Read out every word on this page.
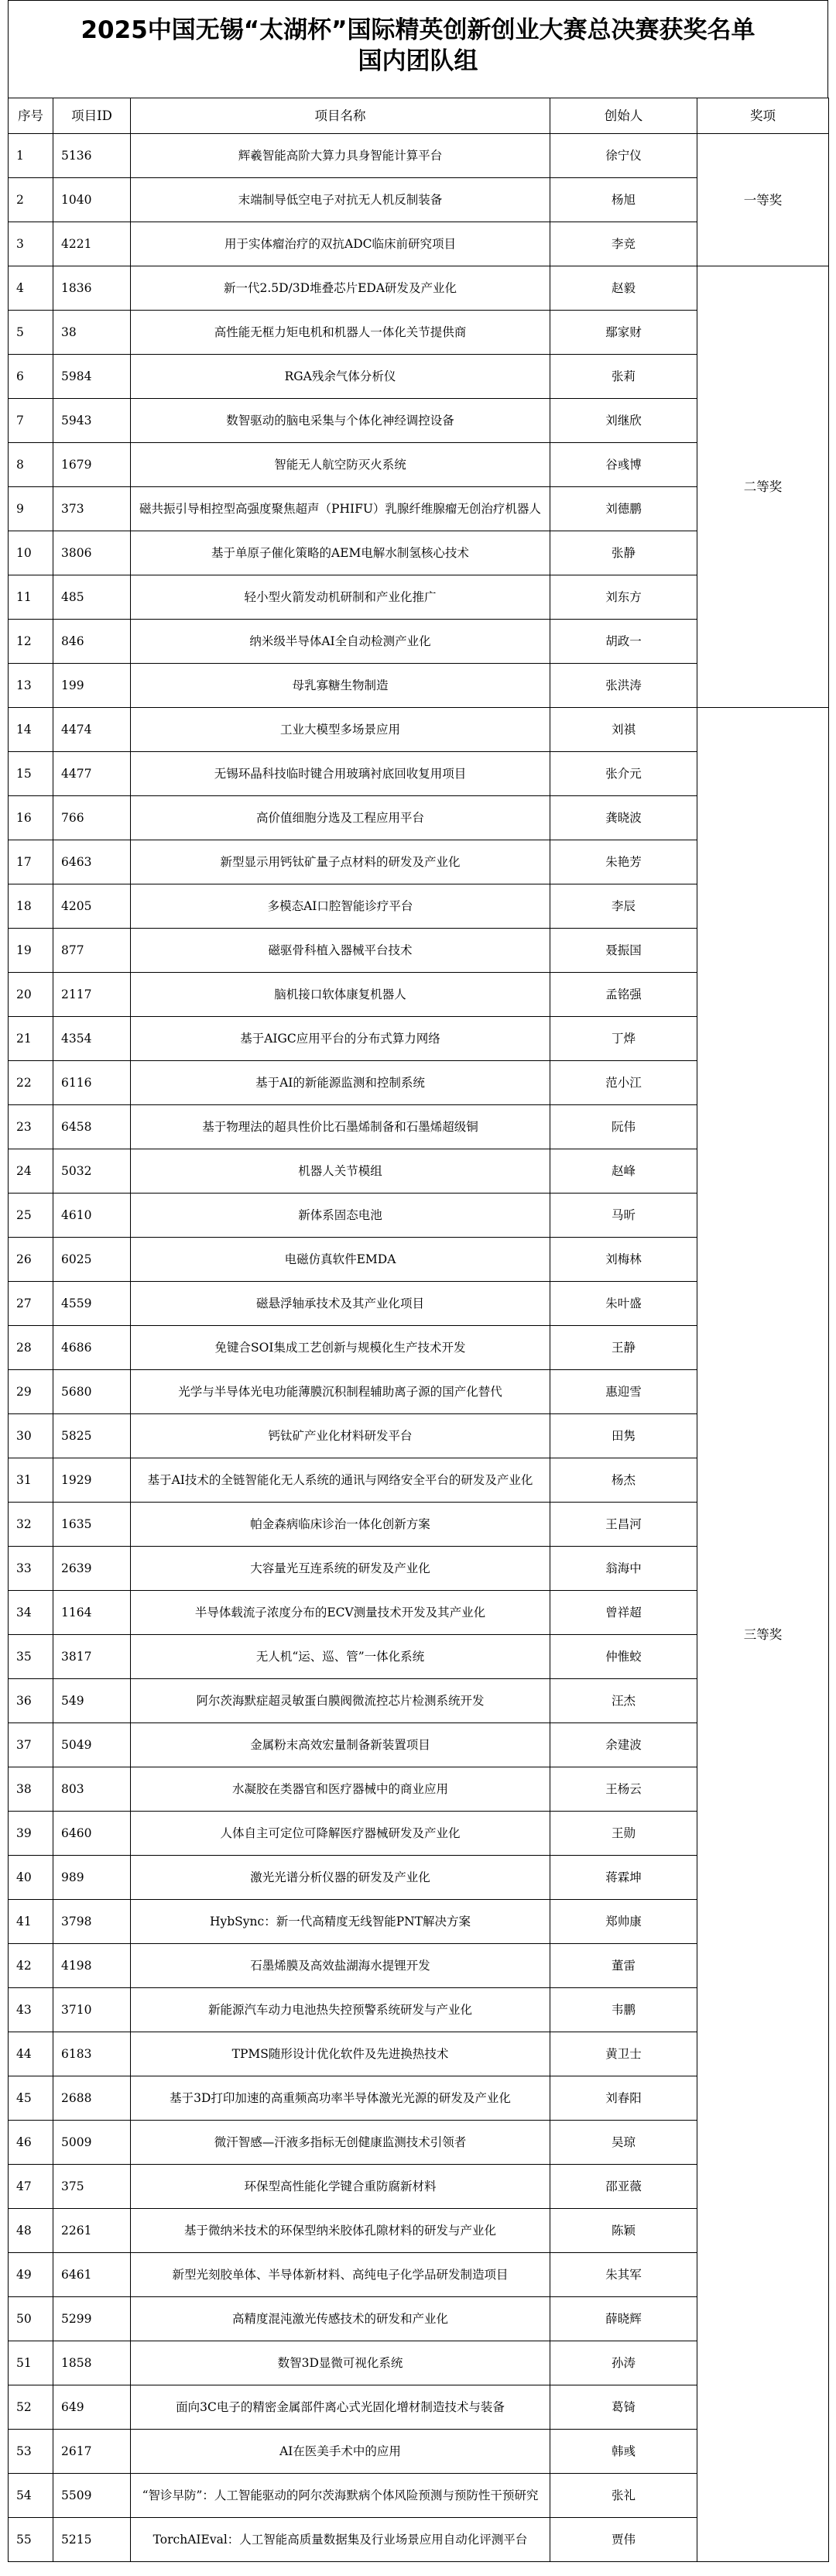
2025中国无锡“太湖杯”国际精英创新创业大赛总决赛获奖名单
国内团队组
序号	项目ID	项目名称	创始人	奖项
1	5136	辉羲智能高阶大算力具身智能计算平台	徐宁仪	一等奖
2	1040	末端制导低空电子对抗无人机反制装备	杨旭	
3	4221	用于实体瘤治疗的双抗ADC临床前研究项目	李竞	
4	1836	新一代2.5D/3D堆叠芯片EDA研发及产业化	赵毅	二等奖
5	38	高性能无框力矩电机和机器人一体化关节提供商	鄢家财	
6	5984	RGA残余气体分析仪	张莉	
7	5943	数智驱动的脑电采集与个体化神经调控设备	刘继欣	
8	1679	智能无人航空防灭火系统	谷彧博	
9	373	磁共振引导相控型高强度聚焦超声（PHIFU）乳腺纤维腺瘤无创治疗机器人	刘德鹏	
10	3806	基于单原子催化策略的AEM电解水制氢核心技术	张静	
11	485	轻小型火箭发动机研制和产业化推广	刘东方	
12	846	纳米级半导体AI全自动检测产业化	胡政一	
13	199	母乳寡糖生物制造	张洪涛	
14	4474	工业大模型多场景应用	刘祺	三等奖
15	4477	无锡环晶科技临时键合用玻璃衬底回收复用项目	张介元	
16	766	高价值细胞分选及工程应用平台	龚晓波	
17	6463	新型显示用钙钛矿量子点材料的研发及产业化	朱艳芳	
18	4205	多模态AI口腔智能诊疗平台	李辰	
19	877	磁驱骨科植入器械平台技术	聂振国	
20	2117	脑机接口软体康复机器人	孟铭强	
21	4354	基于AIGC应用平台的分布式算力网络	丁烨	
22	6116	基于AI的新能源监测和控制系统	范小江	
23	6458	基于物理法的超具性价比石墨烯制备和石墨烯超级铜	阮伟	
24	5032	机器人关节模组	赵峰	
25	4610	新体系固态电池	马昕	
26	6025	电磁仿真软件EMDA	刘梅林	
27	4559	磁悬浮轴承技术及其产业化项目	朱叶盛	
28	4686	免键合SOI集成工艺创新与规模化生产技术开发	王静	
29	5680	光学与半导体光电功能薄膜沉积制程辅助离子源的国产化替代	惠迎雪	
30	5825	钙钛矿产业化材料研发平台	田隽	
31	1929	基于AI技术的全链智能化无人系统的通讯与网络安全平台的研发及产业化	杨杰	
32	1635	帕金森病临床诊治一体化创新方案	王昌河	
33	2639	大容量光互连系统的研发及产业化	翁海中	
34	1164	半导体载流子浓度分布的ECV测量技术开发及其产业化	曾祥超	
35	3817	无人机“运、巡、管”一体化系统	仲惟蛟	
36	549	阿尔茨海默症超灵敏蛋白膜阀微流控芯片检测系统开发	汪杰	
37	5049	金属粉末高效宏量制备新装置项目	余建波	
38	803	水凝胶在类器官和医疗器械中的商业应用	王杨云	
39	6460	人体自主可定位可降解医疗器械研发及产业化	王勋	
40	989	激光光谱分析仪器的研发及产业化	蒋霖坤	
41	3798	HybSync：新一代高精度无线智能PNT解决方案	郑帅康	
42	4198	石墨烯膜及高效盐湖海水提锂开发	董雷	
43	3710	新能源汽车动力电池热失控预警系统研发与产业化	韦鹏	
44	6183	TPMS随形设计优化软件及先进换热技术	黄卫士	
45	2688	基于3D打印加速的高重频高功率半导体激光光源的研发及产业化	刘春阳	
46	5009	微汗智感—汗液多指标无创健康监测技术引领者	吴琼	
47	375	环保型高性能化学键合重防腐新材料	邵亚薇	
48	2261	基于微纳米技术的环保型纳米胶体孔隙材料的研发与产业化	陈颖	
49	6461	新型光刻胶单体、半导体新材料、高纯电子化学品研发制造项目	朱其军	
50	5299	高精度混沌激光传感技术的研发和产业化	薛晓辉	
51	1858	数智3D显微可视化系统	孙涛	
52	649	面向3C电子的精密金属部件离心式光固化增材制造技术与装备	葛锜	
53	2617	AI在医美手术中的应用	韩彧	
54	5509	“智诊早防”：人工智能驱动的阿尔茨海默病个体风险预测与预防性干预研究	张礼	
55	5215	TorchAIEval：人工智能高质量数据集及行业场景应用自动化评测平台	贾伟	
